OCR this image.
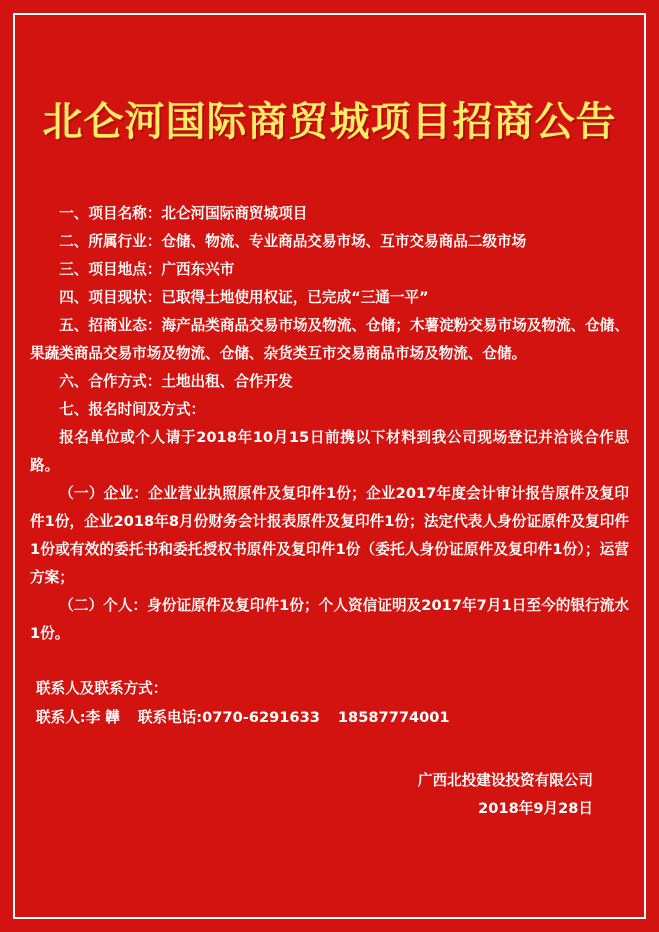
北仑河国际商贸城项目招商公告

一、项目名称：北仑河国际商贸城项目

二、所属行业：仓储、物流、专业商品交易市场、互市交易商品二级市场

三、项目地点：广西东兴市

四、项目现状：已取得土地使用权证，已完成“三通一平”

五、招商业态：海产品类商品交易市场及物流、仓储；木薯淀粉交易市场及物流、仓储、果蔬类商品交易市场及物流、仓储、杂货类互市交易商品市场及物流、仓储。

六、合作方式：土地出租、合作开发

七、报名时间及方式：

报名单位或个人请于2018年10月15日前携以下材料到我公司现场登记并洽谈合作思路。

（一）企业：企业营业执照原件及复印件1份；企业2017年度会计审计报告原件及复印件1份，企业2018年8月份财务会计报表原件及复印件1份；法定代表人身份证原件及复印件1份或有效的委托书和委托授权书原件及复印件1份（委托人身份证原件及复印件1份）；运营方案；

（二）个人：身份证原件及复印件1份；个人资信证明及2017年7月1日至今的银行流水1份。

联系人及联系方式：

联系人:李 韡 联系电话:0770-6291633 18587774001

广西北投建设投资有限公司

2018年9月28日
